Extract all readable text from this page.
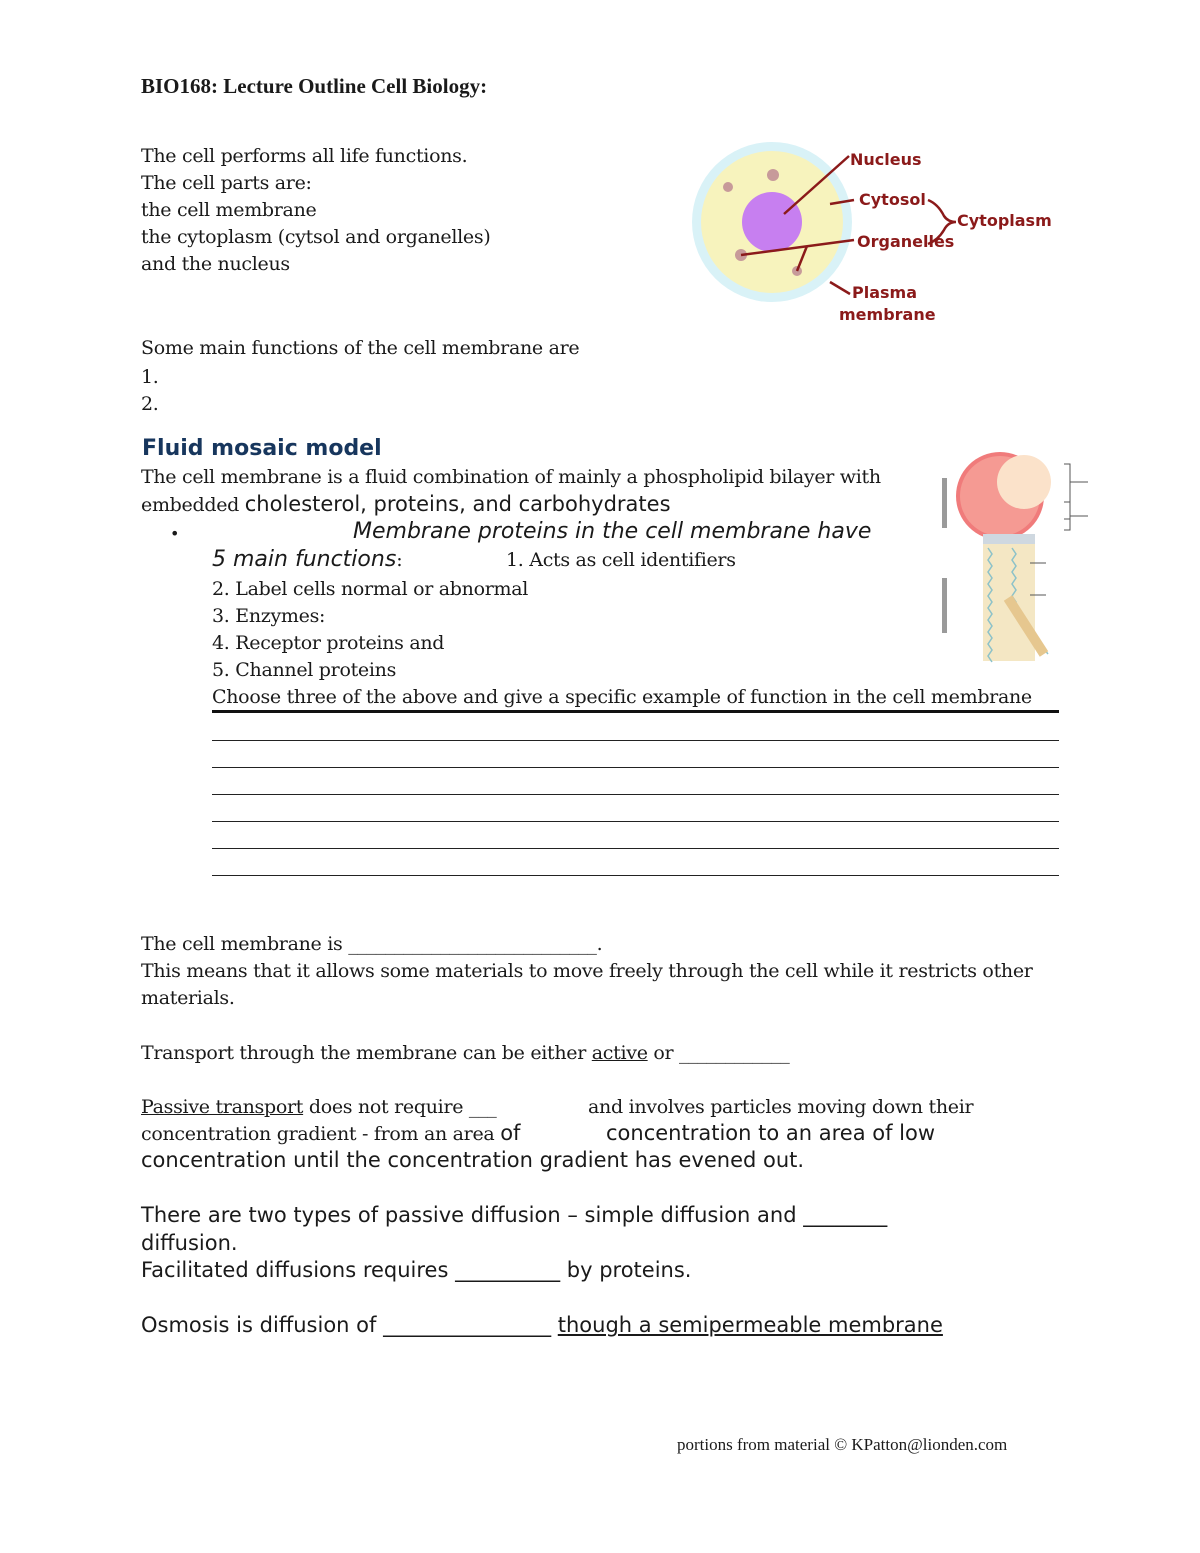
BIO168: Lecture Outline Cell Biology:
The cell performs all life functions.
The cell parts are:
the cell membrane
the cytoplasm (cytsol and organelles)
and the nucleus
Nucleus
Cytosol
Organelles
Cytoplasm
Plasma
membrane
Some main functions of the cell membrane are
1.
2.
Fluid mosaic model
The cell membrane is a fluid combination of mainly a phospholipid bilayer with
embedded cholesterol, proteins, and carbohydrates
•	Membrane proteins in the cell membrane have
5 main functions:	1. Acts as cell identifiers
2. Label cells normal or abnormal
3. Enzymes:
4. Receptor proteins and
5. Channel proteins
Choose three of the above and give a specific example of function in the cell membrane
The cell membrane is ___________________________.
This means that it allows some materials to move freely through the cell while it restricts other
materials.
Transport through the membrane can be either active or ____________
Passive transport does not require ___	and involves particles moving down their
concentration gradient - from an area of	concentration to an area of low
concentration until the concentration gradient has evened out.
There are two types of passive diffusion – simple diffusion and ________
diffusion.
Facilitated diffusions requires __________ by proteins.
Osmosis is diffusion of ________________ though a semipermeable membrane
portions from material © KPatton@lionden.com
